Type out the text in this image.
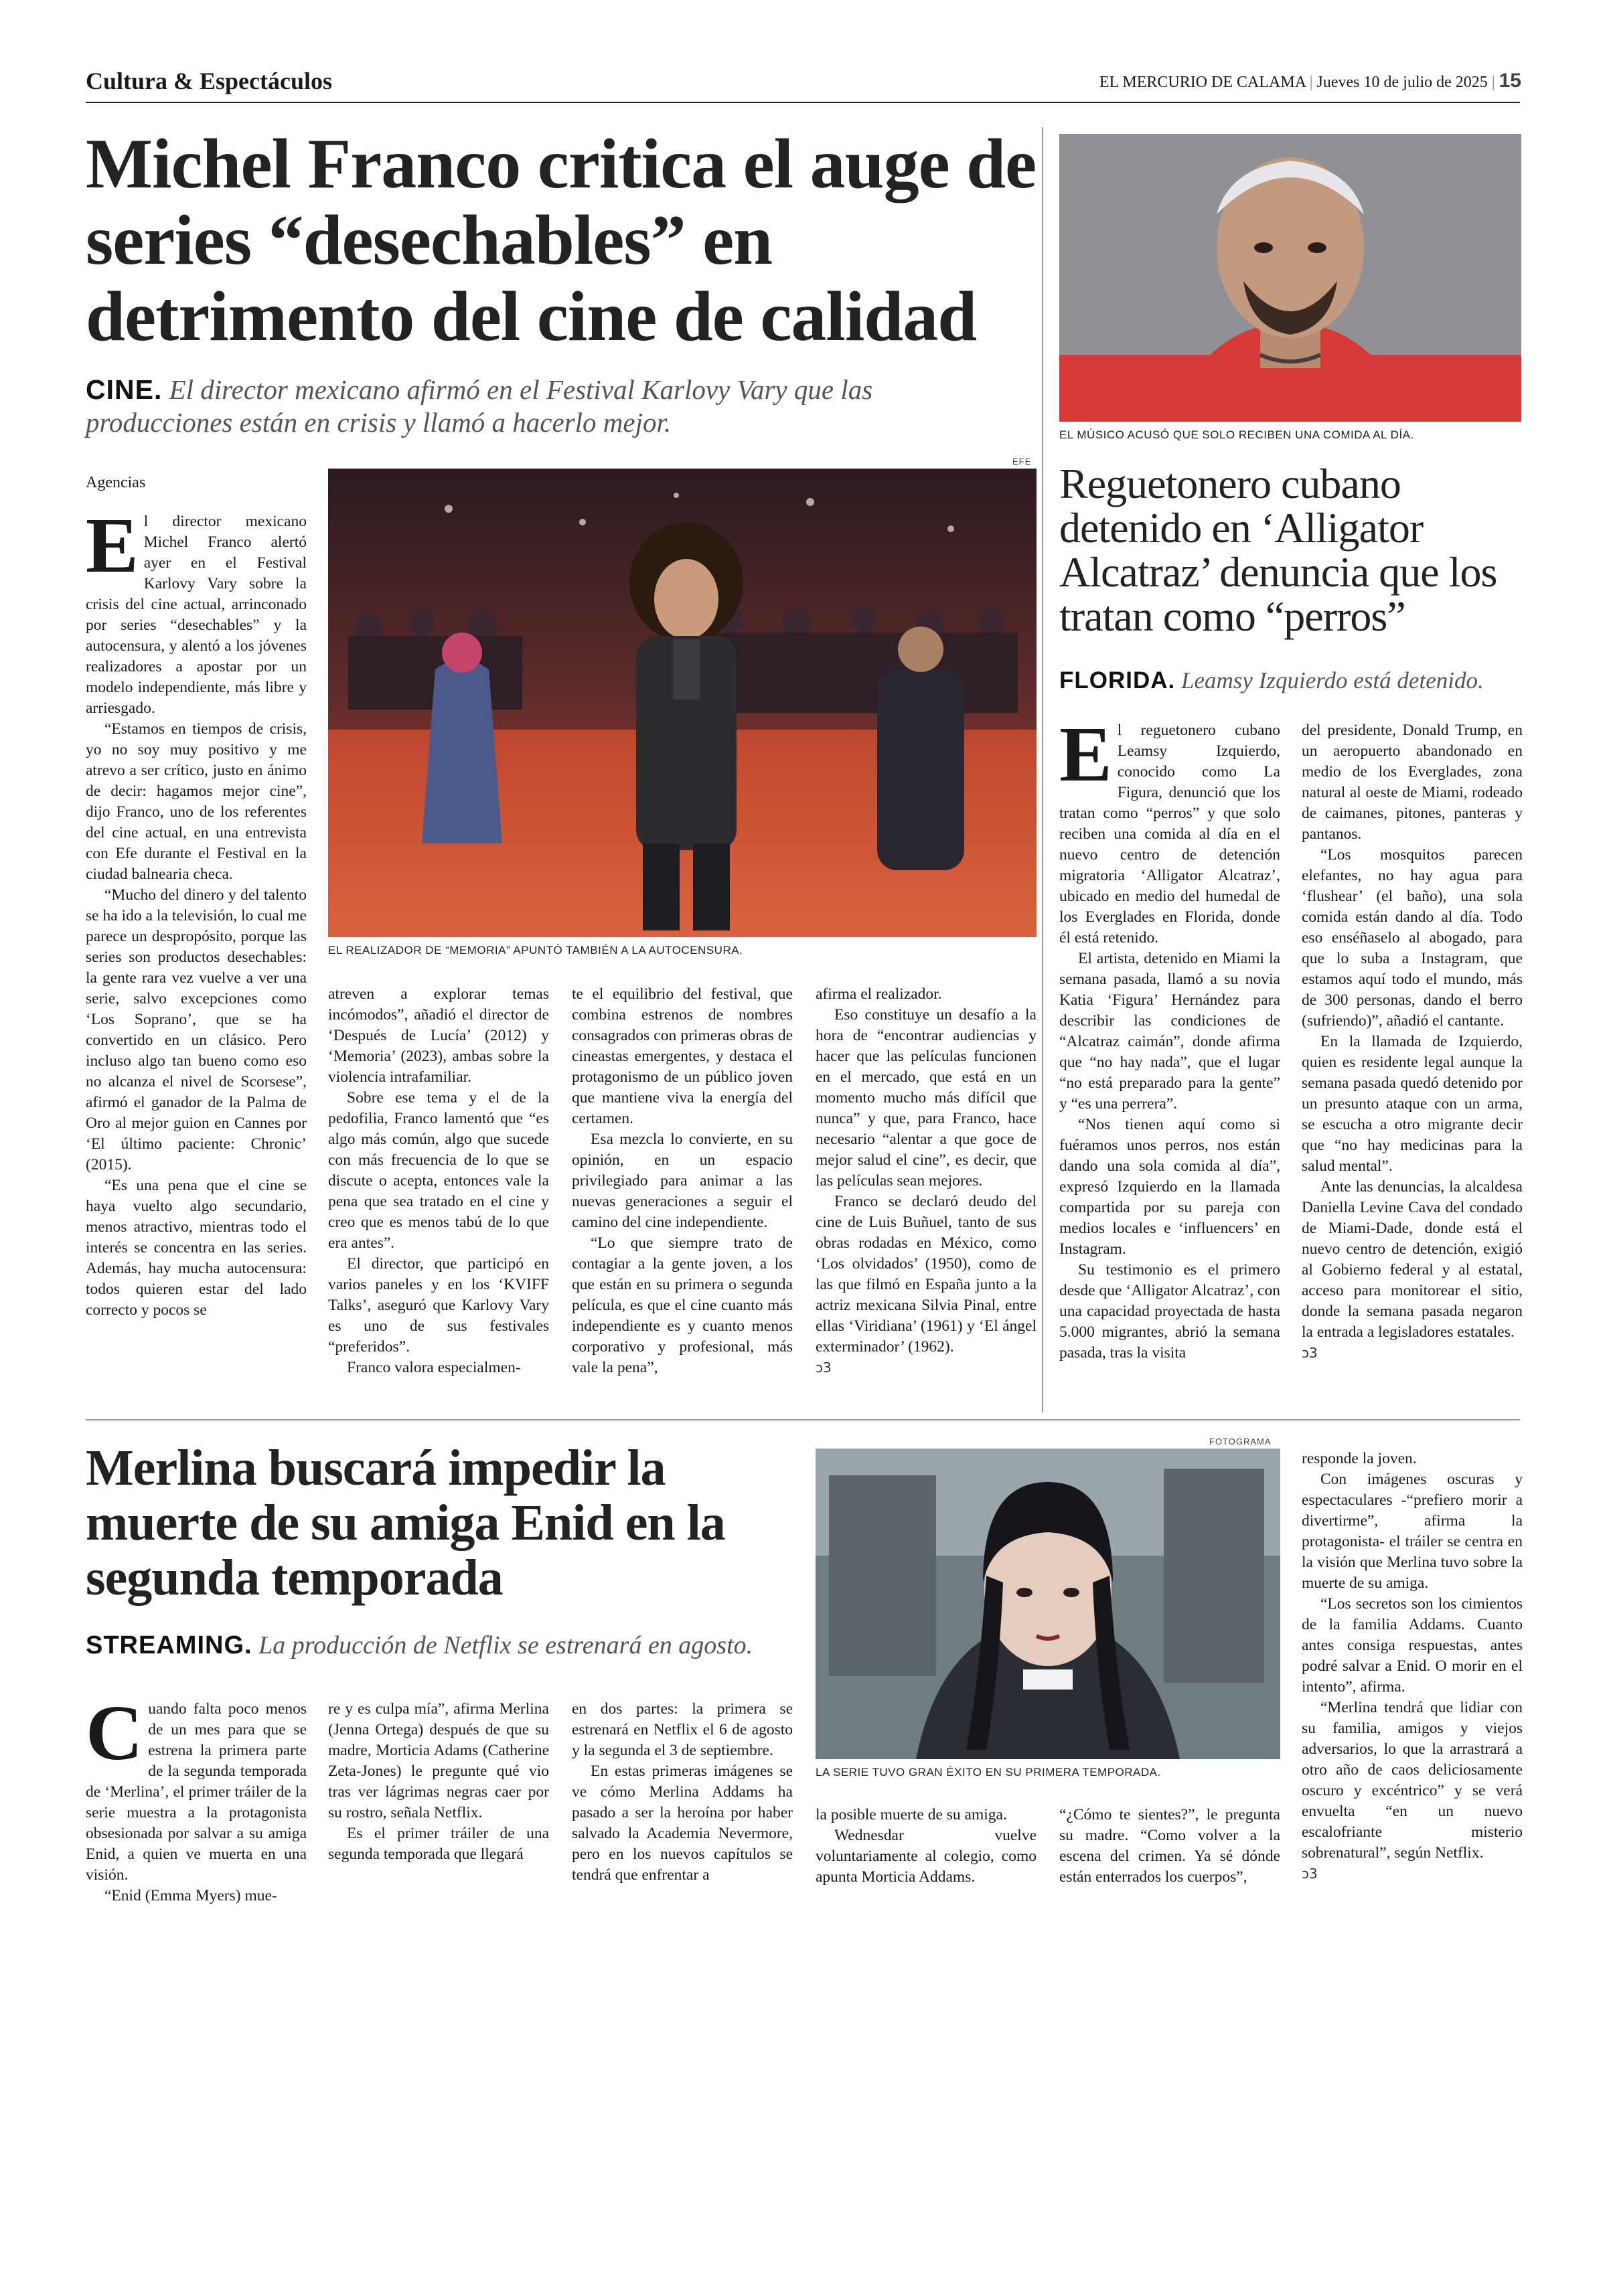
Cultura & Espectáculos	EL MERCURIO DE CALAMA | Jueves 10 de julio de 2025 | 15
Michel Franco critica el auge de series “desechables” en detrimento del cine de calidad
CINE. El director mexicano afirmó en el Festival Karlovy Vary que las producciones están en crisis y llamó a hacerlo mejor.
Agencias
EFE
EL REALIZADOR DE “MEMORIA” APUNTÓ TAMBIÉN A LA AUTOCENSURA.
E l director mexicano Michel Franco alertó ayer en el Festival Karlovy Vary sobre la crisis del cine actual, arrinconado por series “desechables” y la autocensura, y alentó a los jóvenes realizadores a apostar por un modelo independiente, más libre y arriesgado.

“Estamos en tiempos de crisis, yo no soy muy positivo y me atrevo a ser crítico, justo en ánimo de decir: hagamos mejor cine”, dijo Franco, uno de los referentes del cine actual, en una entrevista con Efe durante el Festival en la ciudad balnearia checa.

“Mucho del dinero y del talento se ha ido a la televisión, lo cual me parece un despropósito, porque las series son productos desechables: la gente rara vez vuelve a ver una serie, salvo excepciones como ‘Los Soprano’, que se ha convertido en un clásico. Pero incluso algo tan bueno como eso no alcanza el nivel de Scorsese”, afirmó el ganador de la Palma de Oro al mejor guion en Cannes por ‘El último paciente: Chronic’ (2015).

“Es una pena que el cine se haya vuelto algo secundario, menos atractivo, mientras todo el interés se concentra en las series. Además, hay mucha autocensura: todos quieren estar del lado correcto y pocos se

atreven a explorar temas incómodos”, añadió el director de ‘Después de Lucía’ (2012) y ‘Memoria’ (2023), ambas sobre la violencia intrafamiliar.

Sobre ese tema y el de la pedofilia, Franco lamentó que “es algo más común, algo que sucede con más frecuencia de lo que se discute o acepta, entonces vale la pena que sea tratado en el cine y creo que es menos tabú de lo que era antes”.

El director, que participó en varios paneles y en los ‘KVIFF Talks’, aseguró que Karlovy Vary es uno de sus festivales “preferidos”.

Franco valora especialmen-

te el equilibrio del festival, que combina estrenos de nombres consagrados con primeras obras de cineastas emergentes, y destaca el protagonismo de un público joven que mantiene viva la energía del certamen.

Esa mezcla lo convierte, en su opinión, en un espacio privilegiado para animar a las nuevas generaciones a seguir el camino del cine independiente.

“Lo que siempre trato de contagiar a la gente joven, a los que están en su primera o segunda película, es que el cine cuanto más independiente es y cuanto menos corporativo y profesional, más vale la pena”,

afirma el realizador.

Eso constituye un desafío a la hora de “encontrar audiencias y hacer que las películas funcionen en el mercado, que está en un momento mucho más difícil que nunca” y que, para Franco, hace necesario “alentar a que goce de mejor salud el cine”, es decir, que las películas sean mejores.

Franco se declaró deudo del cine de Luis Buñuel, tanto de sus obras rodadas en México, como ‘Los olvidados’ (1950), como de las que filmó en España junto a la actriz mexicana Silvia Pinal, entre ellas ‘Viridiana’ (1961) y ‘El ángel exterminador’ (1962).

ↄ3
EL MÚSICO ACUSÓ QUE SOLO RECIBEN UNA COMIDA AL DÍA.
Reguetonero cubano detenido en ‘Alligator Alcatraz’ denuncia que los tratan como “perros”
FLORIDA. Leamsy Izquierdo está detenido.
E l reguetonero cubano Leamsy Izquierdo, conocido como La Figura, denunció que los tratan como “perros” y que solo reciben una comida al día en el nuevo centro de detención migratoria ‘Alligator Alcatraz’, ubicado en medio del humedal de los Everglades en Florida, donde él está retenido.

El artista, detenido en Miami la semana pasada, llamó a su novia Katia ‘Figura’ Hernández para describir las condiciones de “Alcatraz caimán”, donde afirma que “no hay nada”, que el lugar “no está preparado para la gente” y “es una perrera”.

“Nos tienen aquí como si fuéramos unos perros, nos están dando una sola comida al día”, expresó Izquierdo en la llamada compartida por su pareja con medios locales e ‘influencers’ en Instagram.

Su testimonio es el primero desde que ‘Alligator Alcatraz’, con una capacidad proyectada de hasta 5.000 migrantes, abrió la semana pasada, tras la visita

del presidente, Donald Trump, en un aeropuerto abandonado en medio de los Everglades, zona natural al oeste de Miami, rodeado de caimanes, pitones, panteras y pantanos.

“Los mosquitos parecen elefantes, no hay agua para ‘flushear’ (el baño), una sola comida están dando al día. Todo eso enséñaselo al abogado, para que lo suba a Instagram, que estamos aquí todo el mundo, más de 300 personas, dando el berro (sufriendo)”, añadió el cantante.

En la llamada de Izquierdo, quien es residente legal aunque la semana pasada quedó detenido por un presunto ataque con un arma, se escucha a otro migrante decir que “no hay medicinas para la salud mental”.

Ante las denuncias, la alcaldesa Daniella Levine Cava del condado de Miami-Dade, donde está el nuevo centro de detención, exigió al Gobierno federal y al estatal, acceso para monitorear el sitio, donde la semana pasada negaron la entrada a legisladores estatales.

ↄ3
Merlina buscará impedir la muerte de su amiga Enid en la segunda temporada
STREAMING. La producción de Netflix se estrenará en agosto.
FOTOGRAMA
LA SERIE TUVO GRAN ÉXITO EN SU PRIMERA TEMPORADA.
C uando falta poco menos de un mes para que se estrena la primera parte de la segunda temporada de ‘Merlina’, el primer tráiler de la serie muestra a la protagonista obsesionada por salvar a su amiga Enid, a quien ve muerta en una visión.

“Enid (Emma Myers) mue-

re y es culpa mía”, afirma Merlina (Jenna Ortega) después de que su madre, Morticia Adams (Catherine Zeta-Jones) le pregunte qué vio tras ver lágrimas negras caer por su rostro, señala Netflix.

Es el primer tráiler de una segunda temporada que llegará

en dos partes: la primera se estrenará en Netflix el 6 de agosto y la segunda el 3 de septiembre.

En estas primeras imágenes se ve cómo Merlina Addams ha pasado a ser la heroína por haber salvado la Academia Nevermore, pero en los nuevos capítulos se tendrá que enfrentar a

la posible muerte de su amiga.

Wednesdar vuelve voluntariamente al colegio, como apunta Morticia Addams.

“¿Cómo te sientes?”, le pregunta su madre. “Como volver a la escena del crimen. Ya sé dónde están enterrados los cuerpos”,

responde la joven.

Con imágenes oscuras y espectaculares -“prefiero morir a divertirme”, afirma la protagonista- el tráiler se centra en la visión que Merlina tuvo sobre la muerte de su amiga.

“Los secretos son los cimientos de la familia Addams. Cuanto antes consiga respuestas, antes podré salvar a Enid. O morir en el intento”, afirma.

“Merlina tendrá que lidiar con su familia, amigos y viejos adversarios, lo que la arrastrará a otro año de caos deliciosamente oscuro y excéntrico” y se verá envuelta “en un nuevo escalofriante misterio sobrenatural”, según Netflix.

ↄ3
